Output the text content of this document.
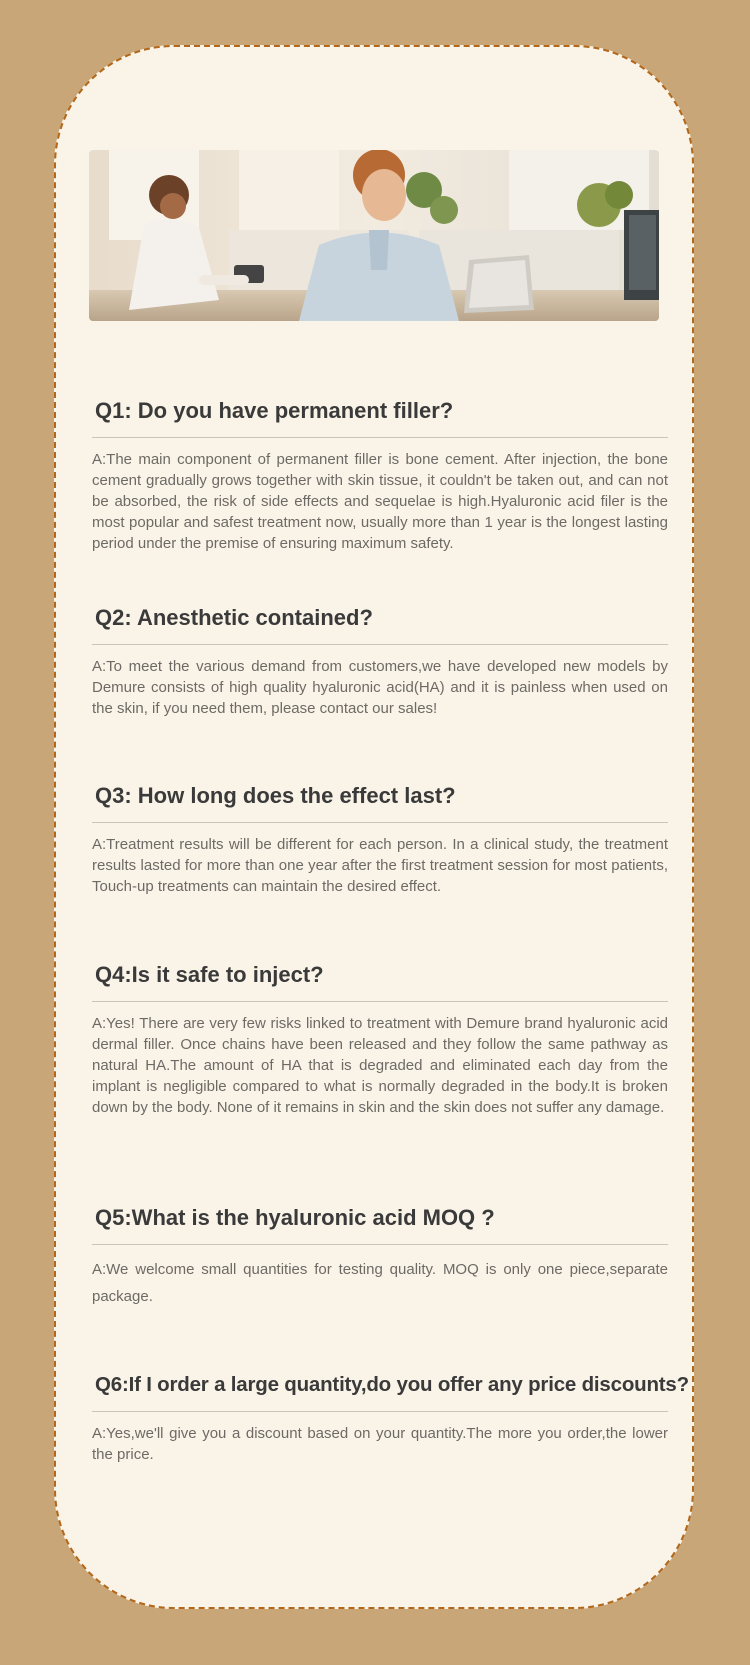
Q1: Do you have permanent filler?

A:The main component of permanent filler is bone cement. After injection, the bone cement gradually grows together with skin tissue, it couldn't be taken out, and can not be absorbed, the risk of side effects and sequelae is high.Hyaluronic acid filer is the most popular and safest treatment now, usually more than 1 year is the longest lasting period under the premise of ensuring maximum safety.

Q2: Anesthetic contained?

A:To meet the various demand from customers,we have developed new models by Demure consists of high quality hyaluronic acid(HA) and it is painless when used on the skin, if you need them, please contact our sales!

Q3: How long does the effect last?

A:Treatment results will be different for each person. In a clinical study, the treatment results lasted for more than one year after the first treatment session for most patients, Touch-up treatments can maintain the desired effect.

Q4:Is it safe to inject?

A:Yes! There are very few risks linked to treatment with Demure brand hyaluronic acid dermal filler. Once chains have been released and they follow the same pathway as natural HA.The amount of HA that is degraded and eliminated each day from the implant is negligible compared to what is normally degraded in the body.It is broken down by the body. None of it remains in skin and the skin does not suffer any damage.

Q5:What is the hyaluronic acid MOQ ?

A:We welcome small quantities for testing quality. MOQ is only one piece,separate package.

Q6:If I order a large quantity,do you offer any price discounts?

A:Yes,we'll give you a discount based on your quantity.The more you order,the lower the price.
